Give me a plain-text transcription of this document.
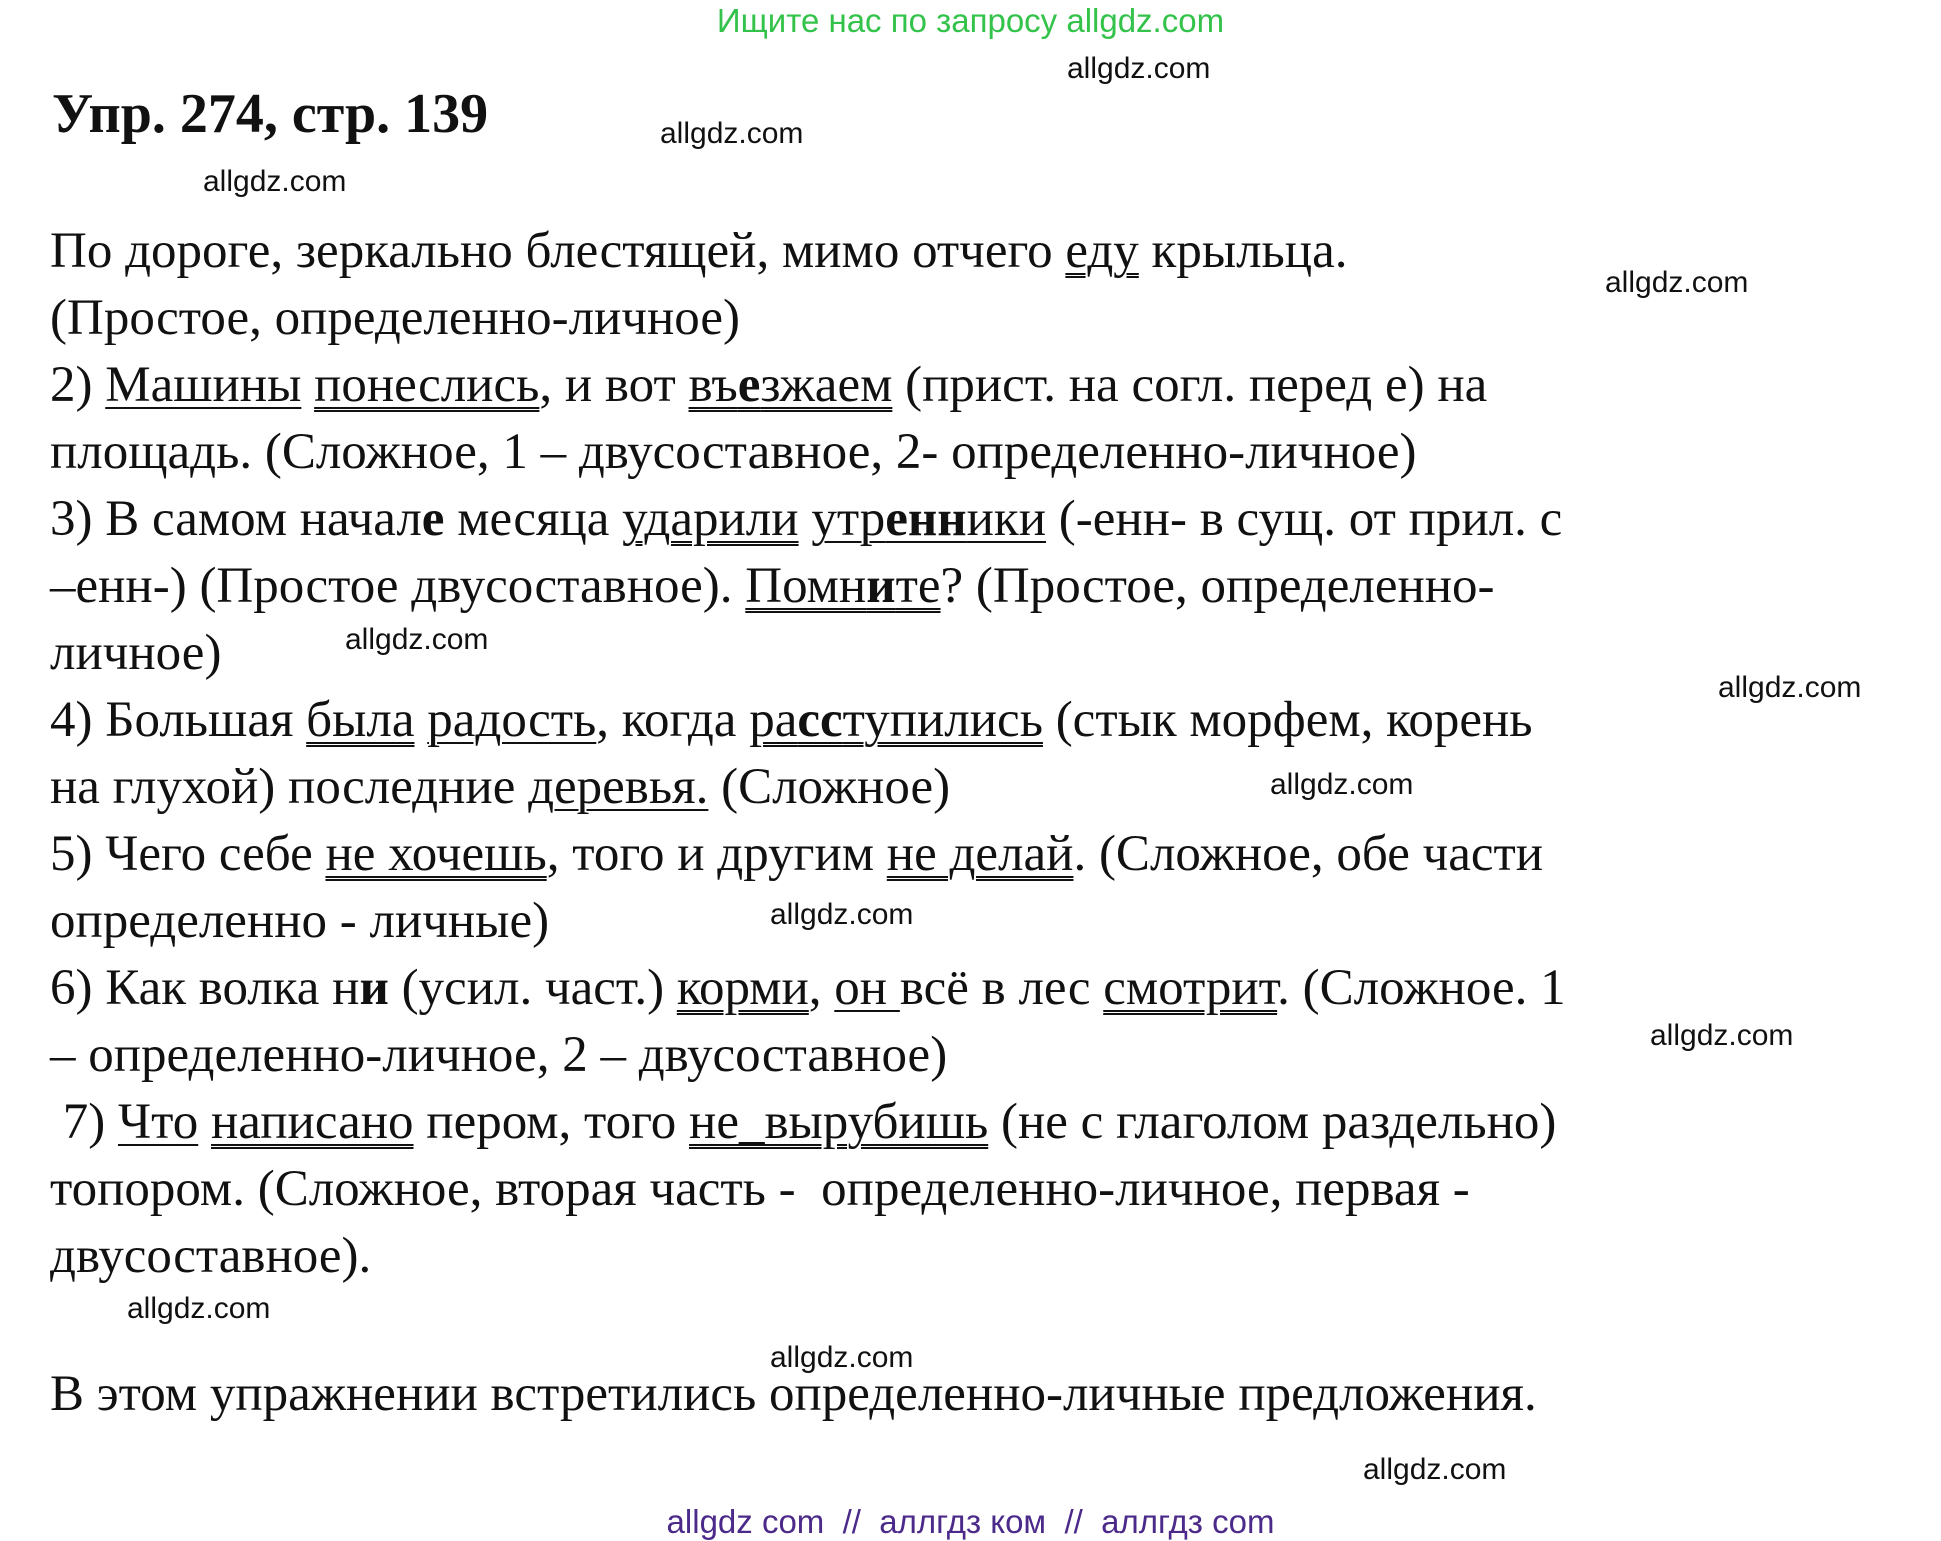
Ищите нас по запросу allgdz.com
Упр. 274, стр. 139
По дороге, зеркально блестящей, мимо отчего еду крыльца.
(Простое, определенно-личное)
2) Машины понеслись, и вот въезжаем (прист. на согл. перед е) на
площадь. (Сложное, 1 – двусоставное, 2- определенно-личное)
3) В самом начале месяца ударили утренники (-енн- в сущ. от прил. с
–енн-) (Простое двусоставное). Помните? (Простое, определенно-
личное)
4) Большая была радость, когда расступились (стык морфем, корень
на глухой) последние деревья. (Сложное)
5) Чего себе не хочешь, того и другим не делай. (Сложное, обе части
определенно - личные)
6) Как волка ни (усил. част.) корми, он всё в лес смотрит. (Сложное. 1
– определенно-личное, 2 – двусоставное)
7) Что написано пером, того не_вырубишь (не с глаголом раздельно)
топором. (Сложное, вторая часть -  определенно-личное, первая -
двусоставное).
В этом упражнении встретились определенно-личные предложения.
allgdz.com
allgdz.com
allgdz.com
allgdz.com
allgdz.com
allgdz.com
allgdz.com
allgdz.com
allgdz.com
allgdz.com
allgdz.com
allgdz.com
allgdz com  //  аллгдз ком  //  аллгдз com
